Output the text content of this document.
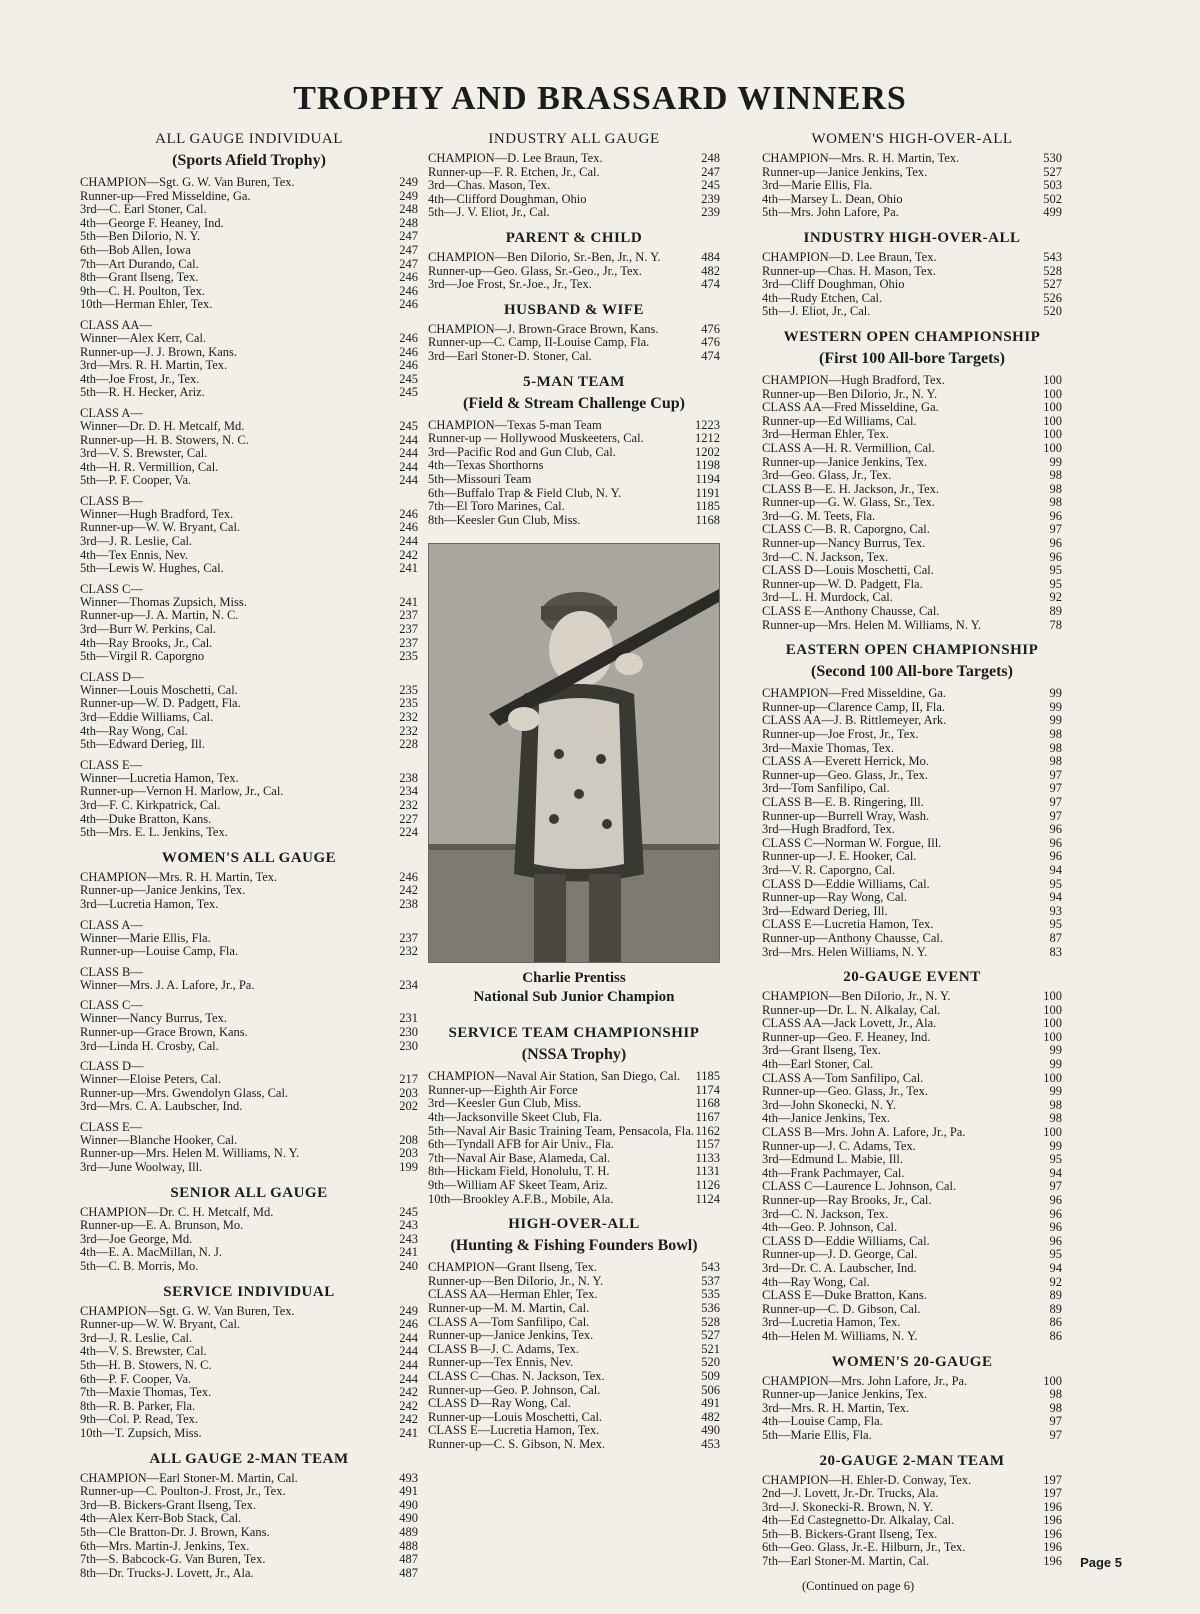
TROPHY AND BRASSARD WINNERS
ALL GAUGE INDIVIDUAL
(Sports Afield Trophy)
CHAMPION—Sgt. G. W. Van Buren, Tex.	249
Runner-up—Fred Misseldine, Ga.	249
3rd—C. Earl Stoner, Cal.	248
4th—George F. Heaney, Ind.	248
5th—Ben DiIorio, N. Y.	247
6th—Bob Allen, Iowa	247
7th—Art Durando, Cal.	247
8th—Grant Ilseng, Tex.	246
9th—C. H. Poulton, Tex.	246
10th—Herman Ehler, Tex.	246
CLASS AA—
Winner—Alex Kerr, Cal.	246
Runner-up—J. J. Brown, Kans.	246
3rd—Mrs. R. H. Martin, Tex.	246
4th—Joe Frost, Jr., Tex.	245
5th—R. H. Hecker, Ariz.	245
CLASS A—
Winner—Dr. D. H. Metcalf, Md.	245
Runner-up—H. B. Stowers, N. C.	244
3rd—V. S. Brewster, Cal.	244
4th—H. R. Vermillion, Cal.	244
5th—P. F. Cooper, Va.	244
CLASS B—
Winner—Hugh Bradford, Tex.	246
Runner-up—W. W. Bryant, Cal.	246
3rd—J. R. Leslie, Cal.	244
4th—Tex Ennis, Nev.	242
5th—Lewis W. Hughes, Cal.	241
CLASS C—
Winner—Thomas Zupsich, Miss.	241
Runner-up—J. A. Martin, N. C.	237
3rd—Burr W. Perkins, Cal.	237
4th—Ray Brooks, Jr., Cal.	237
5th—Virgil R. Caporgno	235
CLASS D—
Winner—Louis Moschetti, Cal.	235
Runner-up—W. D. Padgett, Fla.	235
3rd—Eddie Williams, Cal.	232
4th—Ray Wong, Cal.	232
5th—Edward Derieg, Ill.	228
CLASS E—
Winner—Lucretia Hamon, Tex.	238
Runner-up—Vernon H. Marlow, Jr., Cal.	234
3rd—F. C. Kirkpatrick, Cal.	232
4th—Duke Bratton, Kans.	227
5th—Mrs. E. L. Jenkins, Tex.	224
WOMEN'S ALL GAUGE
CHAMPION—Mrs. R. H. Martin, Tex.	246
Runner-up—Janice Jenkins, Tex.	242
3rd—Lucretia Hamon, Tex.	238
CLASS A—
Winner—Marie Ellis, Fla.	237
Runner-up—Louise Camp, Fla.	232
CLASS B—
Winner—Mrs. J. A. Lafore, Jr., Pa.	234
CLASS C—
Winner—Nancy Burrus, Tex.	231
Runner-up—Grace Brown, Kans.	230
3rd—Linda H. Crosby, Cal.	230
CLASS D—
Winner—Eloise Peters, Cal.	217
Runner-up—Mrs. Gwendolyn Glass, Cal.	203
3rd—Mrs. C. A. Laubscher, Ind.	202
CLASS E—
Winner—Blanche Hooker, Cal.	208
Runner-up—Mrs. Helen M. Williams, N. Y.	203
3rd—June Woolway, Ill.	199
SENIOR ALL GAUGE
CHAMPION—Dr. C. H. Metcalf, Md.	245
Runner-up—E. A. Brunson, Mo.	243
3rd—Joe George, Md.	243
4th—E. A. MacMillan, N. J.	241
5th—C. B. Morris, Mo.	240
SERVICE INDIVIDUAL
CHAMPION—Sgt. G. W. Van Buren, Tex.	249
Runner-up—W. W. Bryant, Cal.	246
3rd—J. R. Leslie, Cal.	244
4th—V. S. Brewster, Cal.	244
5th—H. B. Stowers, N. C.	244
6th—P. F. Cooper, Va.	244
7th—Maxie Thomas, Tex.	242
8th—R. B. Parker, Fla.	242
9th—Col. P. Read, Tex.	242
10th—T. Zupsich, Miss.	241
ALL GAUGE 2-MAN TEAM
CHAMPION—Earl Stoner-M. Martin, Cal.	493
Runner-up—C. Poulton-J. Frost, Jr., Tex.	491
3rd—B. Bickers-Grant Ilseng, Tex.	490
4th—Alex Kerr-Bob Stack, Cal.	490
5th—Cle Bratton-Dr. J. Brown, Kans.	489
6th—Mrs. Martin-J. Jenkins, Tex.	488
7th—S. Babcock-G. Van Buren, Tex.	487
8th—Dr. Trucks-J. Lovett, Jr., Ala.	487
INDUSTRY ALL GAUGE
CHAMPION—D. Lee Braun, Tex.	248
Runner-up—F. R. Etchen, Jr., Cal.	247
3rd—Chas. Mason, Tex.	245
4th—Clifford Doughman, Ohio	239
5th—J. V. Eliot, Jr., Cal.	239
PARENT & CHILD
CHAMPION—Ben DiIorio, Sr.-Ben, Jr., N. Y.	484
Runner-up—Geo. Glass, Sr.-Geo., Jr., Tex.	482
3rd—Joe Frost, Sr.-Joe., Jr., Tex.	474
HUSBAND & WIFE
CHAMPION—J. Brown-Grace Brown, Kans.	476
Runner-up—C. Camp, II-Louise Camp, Fla.	476
3rd—Earl Stoner-D. Stoner, Cal.	474
5-MAN TEAM
(Field & Stream Challenge Cup)
CHAMPION—Texas 5-man Team	1223
Runner-up — Hollywood Muskeeters, Cal.	1212
3rd—Pacific Rod and Gun Club, Cal.	1202
4th—Texas Shorthorns	1198
5th—Missouri Team	1194
6th—Buffalo Trap & Field Club, N. Y.	1191
7th—El Toro Marines, Cal.	1185
8th—Keesler Gun Club, Miss.	1168
Charlie Prentiss
National Sub Junior Champion
SERVICE TEAM CHAMPIONSHIP
(NSSA Trophy)
CHAMPION—Naval Air Station, San Diego, Cal.	1185
Runner-up—Eighth Air Force	1174
3rd—Keesler Gun Club, Miss.	1168
4th—Jacksonville Skeet Club, Fla.	1167
5th—Naval Air Basic Training Team, Pensacola, Fla. 1162
6th—Tyndall AFB for Air Univ., Fla.	1157
7th—Naval Air Base, Alameda, Cal.	1133
8th—Hickam Field, Honolulu, T. H.	1131
9th—William AF Skeet Team, Ariz.	1126
10th—Brookley A.F.B., Mobile, Ala.	1124
HIGH-OVER-ALL
(Hunting & Fishing Founders Bowl)
CHAMPION—Grant Ilseng, Tex.	543
Runner-up—Ben DiIorio, Jr., N. Y.	537
CLASS AA—Herman Ehler, Tex.	535
Runner-up—M. M. Martin, Cal.	536
CLASS A—Tom Sanfilipo, Cal.	528
Runner-up—Janice Jenkins, Tex.	527
CLASS B—J. C. Adams, Tex.	521
Runner-up—Tex Ennis, Nev.	520
CLASS C—Chas. N. Jackson, Tex.	509
Runner-up—Geo. P. Johnson, Cal.	506
CLASS D—Ray Wong, Cal.	491
Runner-up—Louis Moschetti, Cal.	482
CLASS E—Lucretia Hamon, Tex.	490
Runner-up—C. S. Gibson, N. Mex.	453
WOMEN'S HIGH-OVER-ALL
CHAMPION—Mrs. R. H. Martin, Tex.	530
Runner-up—Janice Jenkins, Tex.	527
3rd—Marie Ellis, Fla.	503
4th—Marsey L. Dean, Ohio	502
5th—Mrs. John Lafore, Pa.	499
INDUSTRY HIGH-OVER-ALL
CHAMPION—D. Lee Braun, Tex.	543
Runner-up—Chas. H. Mason, Tex.	528
3rd—Cliff Doughman, Ohio	527
4th—Rudy Etchen, Cal.	526
5th—J. Eliot, Jr., Cal.	520
WESTERN OPEN CHAMPIONSHIP
(First 100 All-bore Targets)
CHAMPION—Hugh Bradford, Tex.	100
Runner-up—Ben DiIorio, Jr., N. Y.	100
CLASS AA—Fred Misseldine, Ga.	100
Runner-up—Ed Williams, Cal.	100
3rd—Herman Ehler, Tex.	100
CLASS A—H. R. Vermillion, Cal.	100
Runner-up—Janice Jenkins, Tex.	99
3rd—Geo. Glass, Jr., Tex.	98
CLASS B—E. H. Jackson, Jr., Tex.	98
Runner-up—G. W. Glass, Sr., Tex.	98
3rd—G. M. Teets, Fla.	96
CLASS C—B. R. Caporgno, Cal.	97
Runner-up—Nancy Burrus, Tex.	96
3rd—C. N. Jackson, Tex.	96
CLASS D—Louis Moschetti, Cal.	95
Runner-up—W. D. Padgett, Fla.	95
3rd—L. H. Murdock, Cal.	92
CLASS E—Anthony Chausse, Cal.	89
Runner-up—Mrs. Helen M. Williams, N. Y.	78
EASTERN OPEN CHAMPIONSHIP
(Second 100 All-bore Targets)
CHAMPION—Fred Misseldine, Ga.	99
Runner-up—Clarence Camp, II, Fla.	99
CLASS AA—J. B. Rittlemeyer, Ark.	99
Runner-up—Joe Frost, Jr., Tex.	98
3rd—Maxie Thomas, Tex.	98
CLASS A—Everett Herrick, Mo.	98
Runner-up—Geo. Glass, Jr., Tex.	97
3rd—Tom Sanfilipo, Cal.	97
CLASS B—E. B. Ringering, Ill.	97
Runner-up—Burrell Wray, Wash.	97
3rd—Hugh Bradford, Tex.	96
CLASS C—Norman W. Forgue, Ill.	96
Runner-up—J. E. Hooker, Cal.	96
3rd—V. R. Caporgno, Cal.	94
CLASS D—Eddie Williams, Cal.	95
Runner-up—Ray Wong, Cal.	94
3rd—Edward Derieg, Ill.	93
CLASS E—Lucretia Hamon, Tex.	95
Runner-up—Anthony Chausse, Cal.	87
3rd—Mrs. Helen Williams, N. Y.	83
20-GAUGE EVENT
CHAMPION—Ben DiIorio, Jr., N. Y.	100
Runner-up—Dr. L. N. Alkalay, Cal.	100
CLASS AA—Jack Lovett, Jr., Ala.	100
Runner-up—Geo. F. Heaney, Ind.	100
3rd—Grant Ilseng, Tex.	99
4th—Earl Stoner, Cal.	99
CLASS A—Tom Sanfilipo, Cal.	100
Runner-up—Geo. Glass, Jr., Tex.	99
3rd—John Skonecki, N. Y.	98
4th—Janice Jenkins, Tex.	98
CLASS B—Mrs. John A. Lafore, Jr., Pa.	100
Runner-up—J. C. Adams, Tex.	99
3rd—Edmund L. Mabie, Ill.	95
4th—Frank Pachmayer, Cal.	94
CLASS C—Laurence L. Johnson, Cal.	97
Runner-up—Ray Brooks, Jr., Cal.	96
3rd—C. N. Jackson, Tex.	96
4th—Geo. P. Johnson, Cal.	96
CLASS D—Eddie Williams, Cal.	96
Runner-up—J. D. George, Cal.	95
3rd—Dr. C. A. Laubscher, Ind.	94
4th—Ray Wong, Cal.	92
CLASS E—Duke Bratton, Kans.	89
Runner-up—C. D. Gibson, Cal.	89
3rd—Lucretia Hamon, Tex.	86
4th—Helen M. Williams, N. Y.	86
WOMEN'S 20-GAUGE
CHAMPION—Mrs. John Lafore, Jr., Pa.	100
Runner-up—Janice Jenkins, Tex.	98
3rd—Mrs. R. H. Martin, Tex.	98
4th—Louise Camp, Fla.	97
5th—Marie Ellis, Fla.	97
20-GAUGE 2-MAN TEAM
CHAMPION—H. Ehler-D. Conway, Tex.	197
2nd—J. Lovett, Jr.-Dr. Trucks, Ala.	197
3rd—J. Skonecki-R. Brown, N. Y.	196
4th—Ed Castegnetto-Dr. Alkalay, Cal.	196
5th—B. Bickers-Grant Ilseng, Tex.	196
6th—Geo. Glass, Jr.-E. Hilburn, Jr., Tex.	196
7th—Earl Stoner-M. Martin, Cal.	196
(Continued on page 6)
Page 5
